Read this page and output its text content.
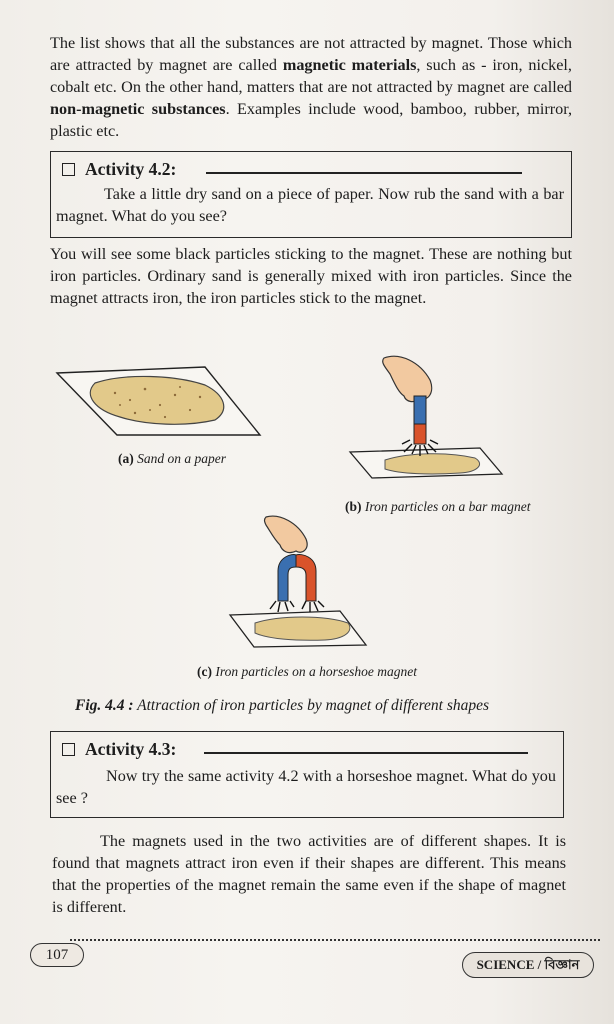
The list shows that all the substances are not attracted by magnet. Those which are attracted by magnet are called magnetic materials, such as - iron, nickel, cobalt etc. On the other hand, matters that are not attracted by magnet are called non-magnetic substances. Examples include wood, bamboo, rubber, mirror, plastic etc.
Activity 4.2:
Take a little dry sand on a piece of paper. Now rub the sand with a bar magnet. What do you see?
You will see some black particles sticking to the magnet. These are nothing but iron particles. Ordinary sand is generally mixed with iron particles. Since the magnet attracts iron, the iron particles stick to the magnet.
(a) Sand on a paper
(b) Iron particles on a bar magnet
(c) Iron particles on a horseshoe magnet
Fig. 4.4 : Attraction of iron particles by magnet of different shapes
Activity 4.3:
Now try the same activity 4.2 with a horseshoe magnet. What do you see ?
The magnets used in the two activities are of different shapes. It is found that magnets attract iron even if their shapes are different. This means that the properties of the magnet remain the same even if the shape of magnet is different.
107
SCIENCE / বিজ্ঞান
